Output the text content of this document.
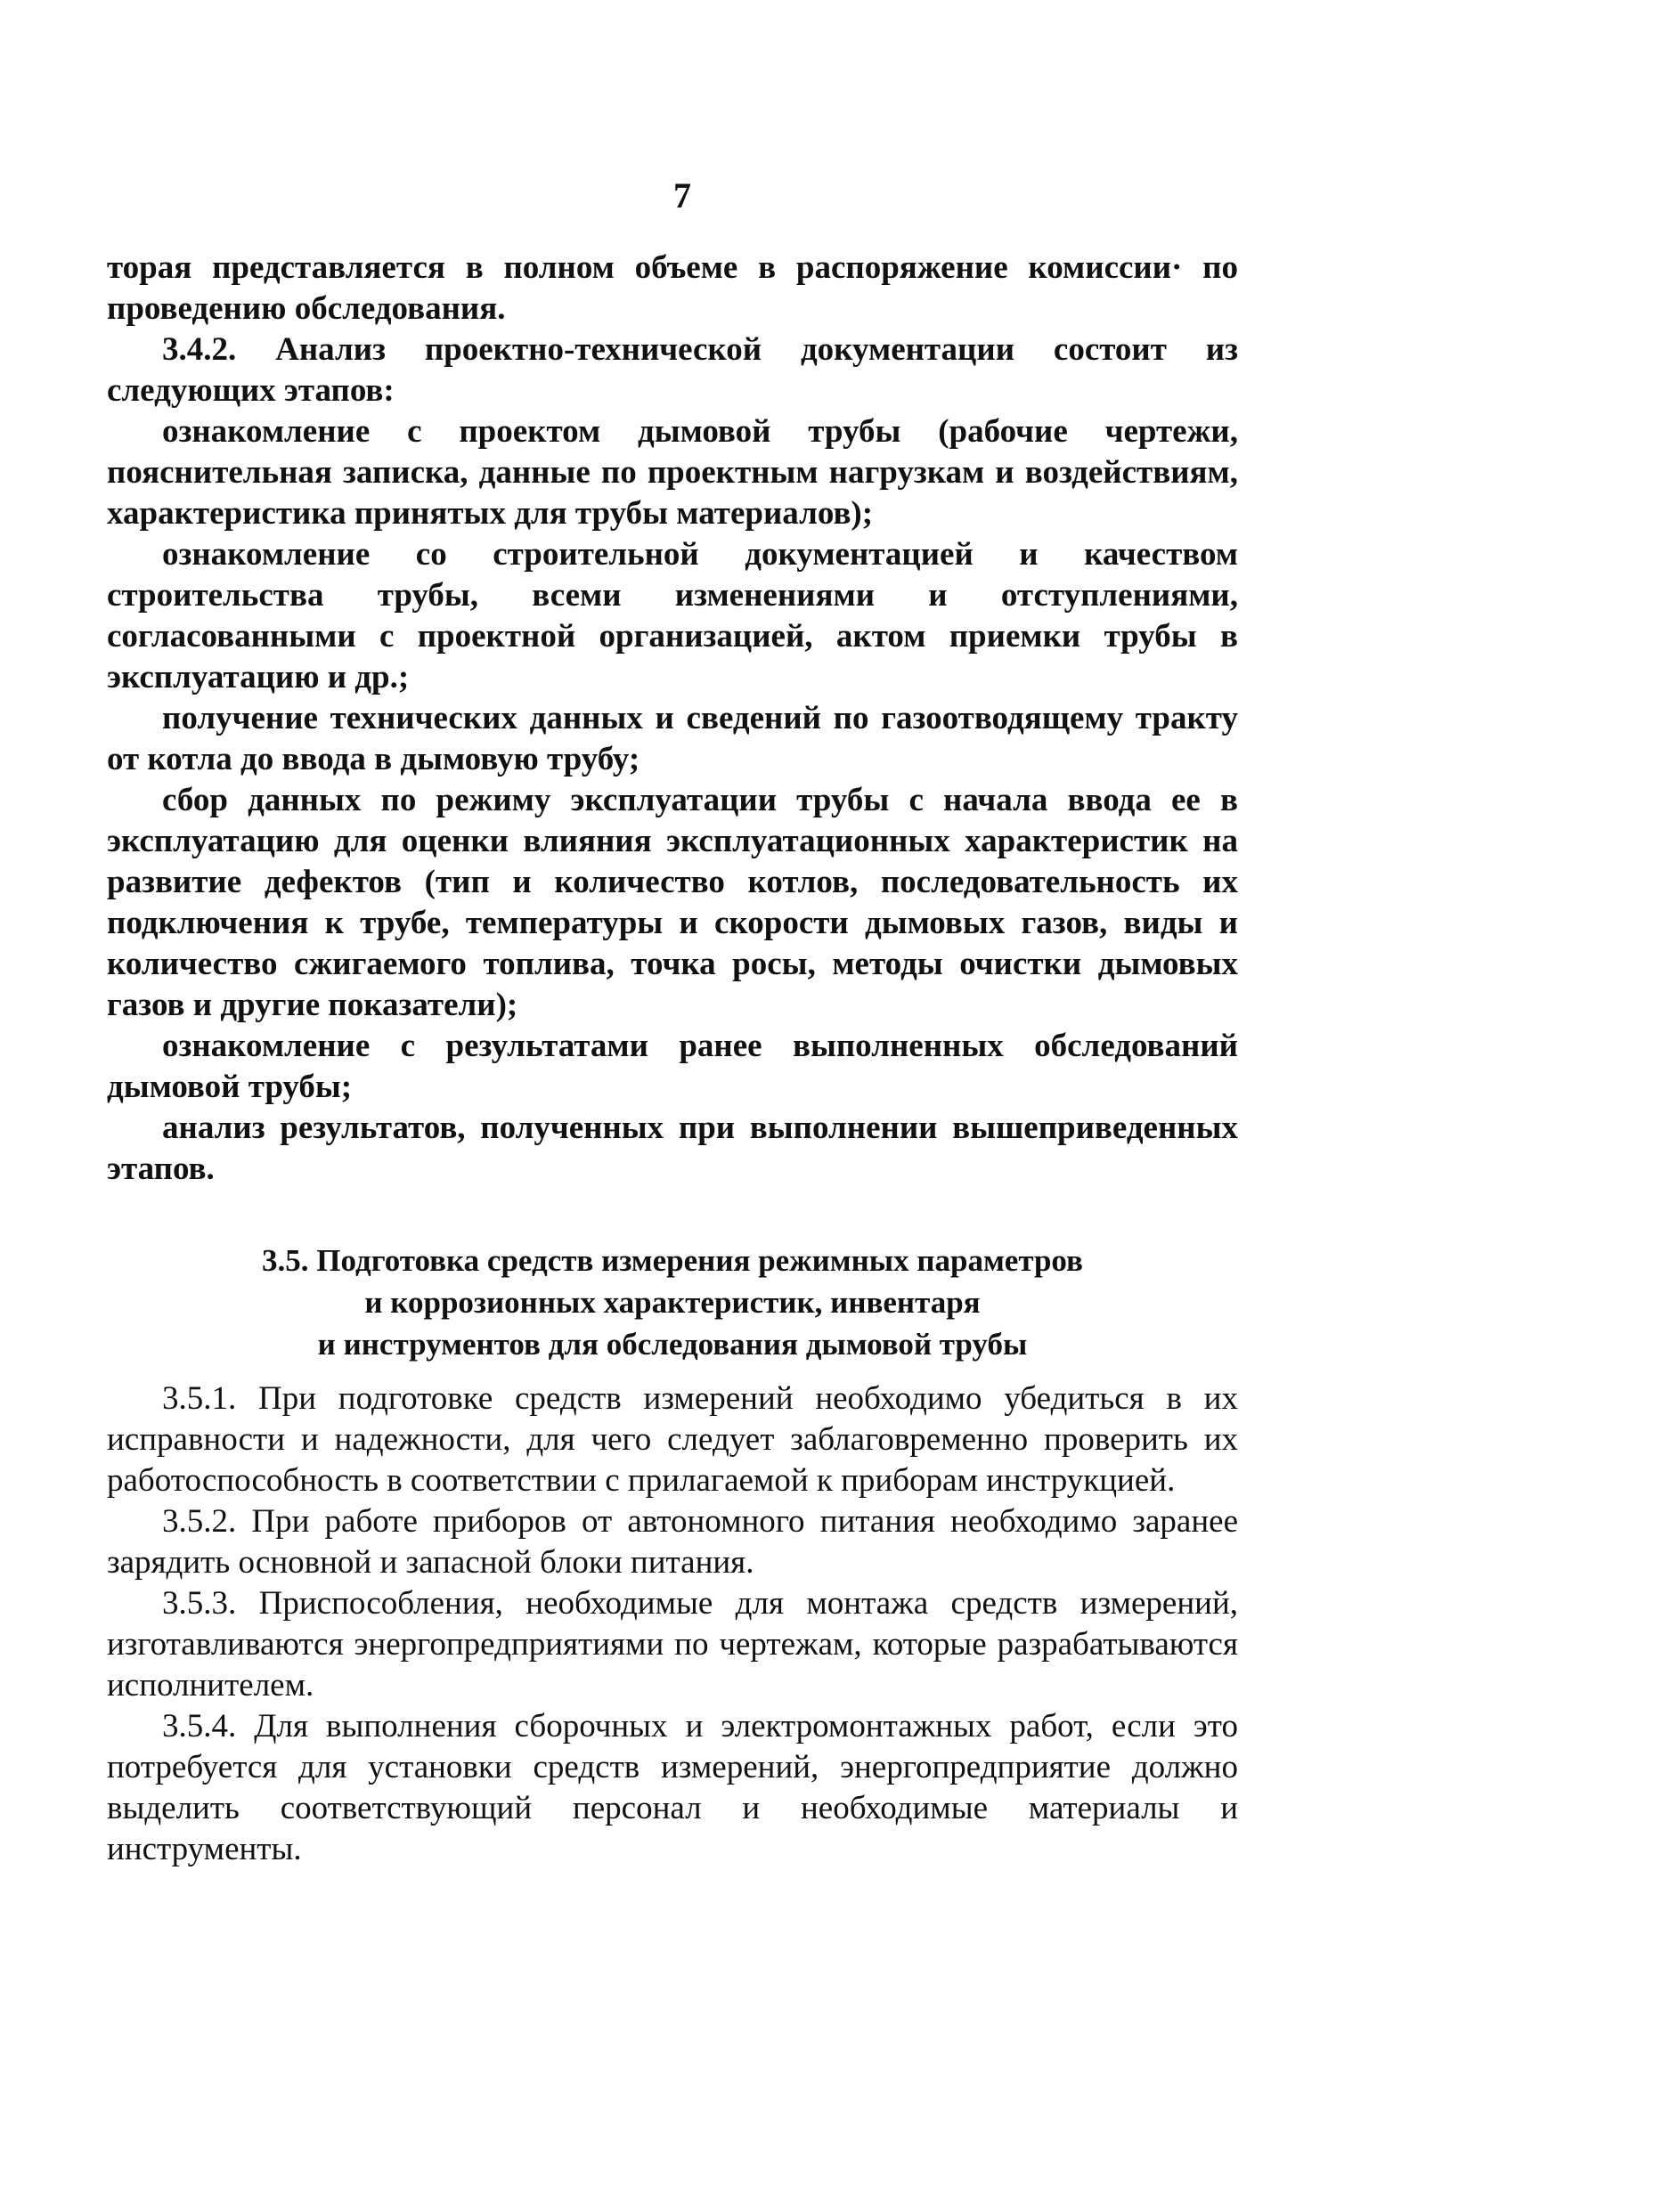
7

торая представляется в полном объеме в распоряжение комиссии· по проведению обследования.

3.4.2. Анализ проектно-технической документации состоит из следующих этапов:

ознакомление с проектом дымовой трубы (рабочие чертежи, пояснительная записка, данные по проектным нагрузкам и воздействиям, характеристика принятых для трубы материалов);

ознакомление со строительной документацией и качеством строительства трубы, всеми изменениями и отступлениями, согласованными с проектной организацией, актом приемки трубы в эксплуатацию и др.;

получение технических данных и сведений по газоотводящему тракту от котла до ввода в дымовую трубу;

сбор данных по режиму эксплуатации трубы с начала ввода ее в эксплуатацию для оценки влияния эксплуатационных характеристик на развитие дефектов (тип и количество котлов, последовательность их подключения к трубе, температуры и скорости дымовых газов, виды и количество сжигаемого топлива, точка росы, методы очистки дымовых газов и другие показатели);

ознакомление с результатами ранее выполненных обследований дымовой трубы;

анализ результатов, полученных при выполнении вышеприведенных этапов.

3.5. Подготовка средств измерения режимных параметров
и коррозионных характеристик, инвентаря
и инструментов для обследования дымовой трубы

3.5.1. При подготовке средств измерений необходимо убедиться в их исправности и надежности, для чего следует заблаговременно проверить их работоспособность в соответствии с прилагаемой к приборам инструкцией.

3.5.2. При работе приборов от автономного питания необходимо заранее зарядить основной и запасной блоки питания.

3.5.3. Приспособления, необходимые для монтажа средств измерений, изготавливаются энергопредприятиями по чертежам, которые разрабатываются исполнителем.

3.5.4. Для выполнения сборочных и электромонтажных работ, если это потребуется для установки средств измерений, энергопредприятие должно выделить соответствующий персонал и необходимые материалы и инструменты.
